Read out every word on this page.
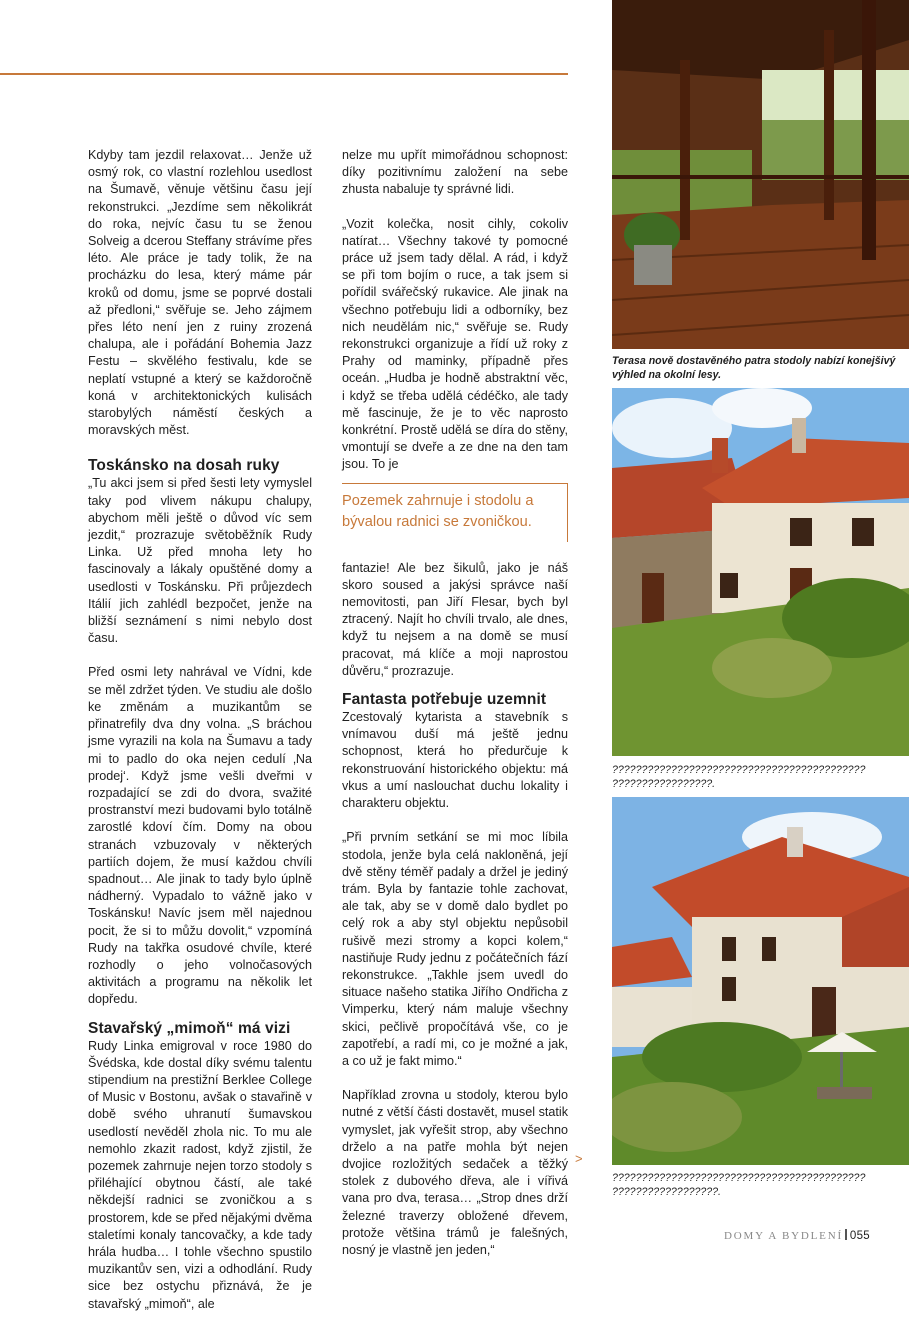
Kdyby tam jezdil relaxovat… Jenže už osmý rok, co vlastní rozlehlou usedlost na Šumavě, věnuje většinu času její rekonstrukci. „Jezdíme sem několikrát do roka, nejvíc času tu se ženou Solveig a dcerou Steffany strávíme přes léto. Ale práce je tady tolik, že na procházku do lesa, který máme pár kroků od domu, jsme se poprvé dostali až předloni,“ svěřuje se. Jeho zájmem přes léto není jen z ruiny zrozená chalupa, ale i pořádání Bohemia Jazz Festu – skvělého festivalu, kde se neplatí vstupné a který se každoročně koná v architektonických kulisách starobylých náměstí českých a moravských měst.

Toskánsko na dosah ruky

„Tu akci jsem si před šesti lety vymyslel taky pod vlivem nákupu chalupy, abychom měli ještě o důvod víc sem jezdit,“ prozrazuje světoběžník Rudy Linka. Už před mnoha lety ho fascinovaly a lákaly opuštěné domy a usedlosti v Toskánsku. Při průjezdech Itálií jich zahlédl bezpočet, jenže na bližší seznámení s nimi nebylo dost času.

Před osmi lety nahrával ve Vídni, kde se měl zdržet týden. Ve studiu ale došlo ke změnám a muzikantům se přinatrefily dva dny volna. „S bráchou jsme vyrazili na kola na Šumavu a tady mi to padlo do oka nejen cedulí ‚Na prodej‘. Když jsme vešli dveřmi v rozpadající se zdi do dvora, svažité prostranství mezi budovami bylo totálně zarostlé kdoví čím. Domy na obou stranách vzbuzovaly v některých partiích dojem, že musí každou chvíli spadnout… Ale jinak to tady bylo úplně nádherný. Vypadalo to vážně jako v Toskánsku! Navíc jsem měl najednou pocit, že si to můžu dovolit,“ vzpomíná Rudy na takřka osudové chvíle, které rozhodly o jeho volnočasových aktivitách a programu na několik let dopředu.

Stavařský „mimoň“ má vizi

Rudy Linka emigroval v roce 1980 do Švédska, kde dostal díky svému talentu stipendium na prestižní Berklee College of Music v Bostonu, avšak o stavařině v době svého uhranutí šumavskou usedlostí nevěděl zhola nic. To mu ale nemohlo zkazit radost, když zjistil, že pozemek zahrnuje nejen torzo stodoly s přiléhající obytnou částí, ale také někdejší radnici se zvoničkou a s prostorem, kde se před nějakými dvěma staletími konaly tancovačky, a kde tady hrála hudba… I tohle všechno spustilo muzikantův sen, vizi a odhodlání. Rudy sice bez ostychu přiznává, že je stavařský „mimoň“, ale

nelze mu upřít mimořádnou schopnost: díky pozitivnímu založení na sebe zhusta nabaluje ty správné lidi.

„Vozit kolečka, nosit cihly, cokoliv natírat… Všechny takové ty pomocné práce už jsem tady dělal. A rád, i když se při tom bojím o ruce, a tak jsem si pořídil svářečský rukavice. Ale jinak na všechno potřebuju lidi a odborníky, bez nich neudělám nic,“ svěřuje se. Rudy rekonstrukci organizuje a řídí už roky z Prahy od maminky, případně přes oceán. „Hudba je hodně abstraktní věc, i když se třeba udělá cédéčko, ale tady mě fascinuje, že je to věc naprosto konkrétní. Prostě udělá se díra do stěny, vmontují se dveře a ze dne na den tam jsou. To je

Pozemek zahrnuje i stodolu a bývalou radnici se zvoničkou.

fantazie! Ale bez šikulů, jako je náš skoro soused a jakýsi správce naší nemovitosti, pan Jiří Flesar, bych byl ztracený. Najít ho chvíli trvalo, ale dnes, když tu nejsem a na domě se musí pracovat, má klíče a moji naprostou důvěru,“ prozrazuje.

Fantasta potřebuje uzemnit

Zcestovalý kytarista a stavebník s vnímavou duší má ještě jednu schopnost, která ho předurčuje k rekonstruování historického objektu: má vkus a umí naslouchat duchu lokality i charakteru objektu.

„Při prvním setkání se mi moc líbila stodola, jenže byla celá nakloněná, její dvě stěny téměř padaly a držel je jediný trám. Byla by fantazie tohle zachovat, ale tak, aby se v domě dalo bydlet po celý rok a aby styl objektu nepůsobil rušivě mezi stromy a kopci kolem,“ nastiňuje Rudy jednu z počátečních fází rekonstrukce. „Takhle jsem uvedl do situace našeho statika Jiřího Ondřicha z Vimperku, který nám maluje všechny skici, pečlivě propočítává vše, co je zapotřebí, a radí mi, co je možné a jak, a co už je fakt mimo.“

Například zrovna u stodoly, kterou bylo nutné z větší části dostavět, musel statik vymyslet, jak vyřešit strop, aby všechno drželo a na patře mohla být nejen dvojice rozložitých sedaček a těžký stolek z dubového dřeva, ale i vířivá vana pro dva, terasa… „Strop dnes drží železné traverzy obložené dřevem, protože většina trámů je falešných, nosný je vlastně jen jeden,“

>
Terasa nově dostavěného patra stodoly nabízí konejšivý výhled na okolní lesy.
??????????????????????????????????????????? ?????????????????.
??????????????????????????????????????????? ??????????????????.
DOMY A BYDLENÍ 055
